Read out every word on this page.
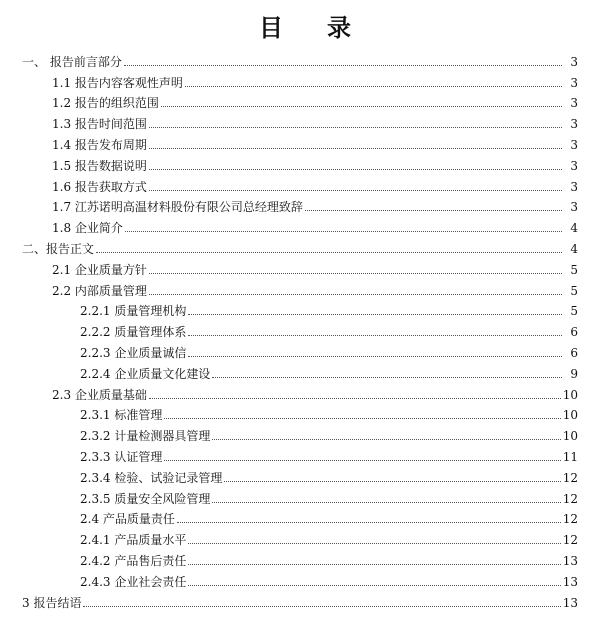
目 录
一、 报告前言部分	3
1.1 报告内容客观性声明	3
1.2 报告的组织范围	3
1.3 报告时间范围	3
1.4 报告发布周期	3
1.5 报告数据说明	3
1.6 报告获取方式	3
1.7 江苏诺明高温材料股份有限公司总经理致辞	3
1.8 企业简介	4
二、报告正文	4
2.1 企业质量方针	5
2.2 内部质量管理	5
2.2.1 质量管理机构	5
2.2.2 质量管理体系	6
2.2.3 企业质量诚信	6
2.2.4 企业质量文化建设	9
2.3 企业质量基础	10
2.3.1 标准管理	10
2.3.2 计量检测器具管理	10
2.3.3 认证管理	11
2.3.4 检验、试验记录管理	12
2.3.5 质量安全风险管理	12
2.4 产品质量责任	12
2.4.1 产品质量水平	12
2.4.2 产品售后责任	13
2.4.3 企业社会责任	13
3 报告结语	13
